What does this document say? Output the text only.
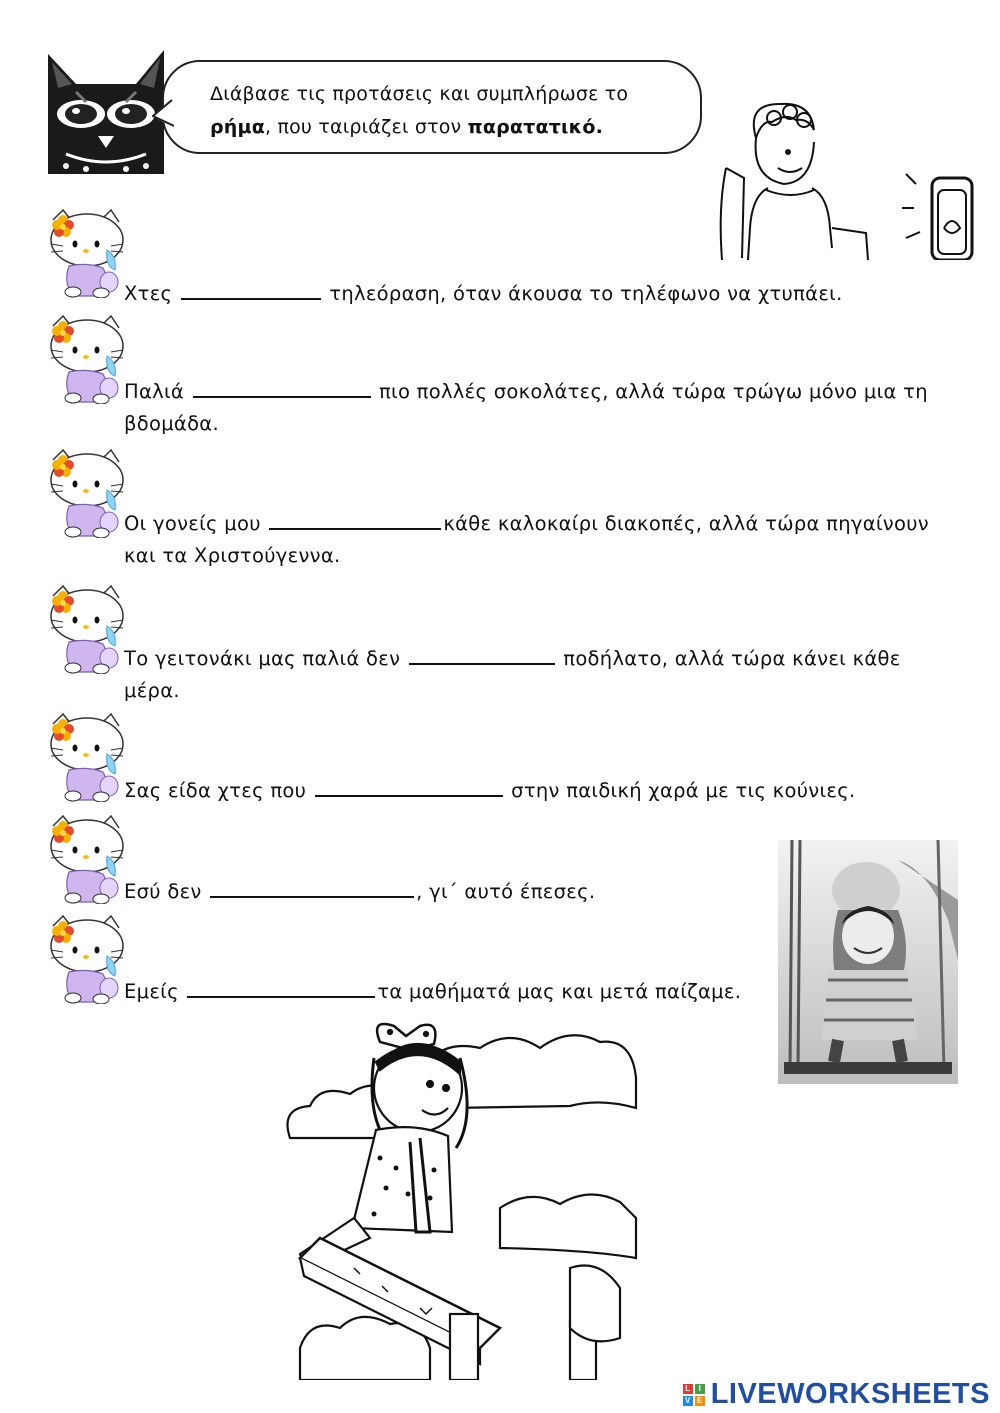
Διάβασε τις προτάσεις και συμπλήρωσε το
ρήμα, που ταιριάζει στον παρατατικό.
Χτες	τηλεόραση, όταν άκουσα το τηλέφωνο να χτυπάει.
Παλιά	πιο πολλές σοκολάτες, αλλά τώρα τρώγω μόνο μια τη
βδομάδα.
Οι γονείς μου	κάθε καλοκαίρι διακοπές, αλλά τώρα πηγαίνουν
και τα Χριστούγεννα.
Το γειτονάκι μας παλιά δεν	ποδήλατο, αλλά τώρα κάνει κάθε
μέρα.
Σας είδα χτες που	στην παιδική χαρά με τις κούνιες.
Εσύ δεν	, γι΄ αυτό έπεσες.
Εμείς	τα μαθήματά μας και μετά παίζαμε.
L	I
V E LIVEWORKSHEETS
